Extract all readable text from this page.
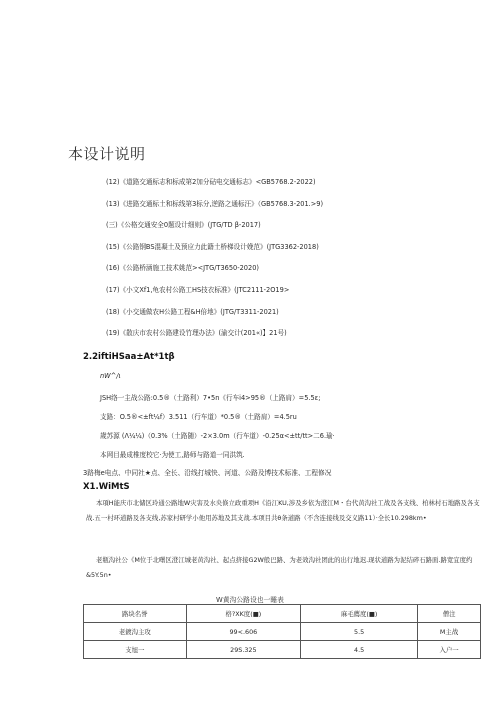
本设计说明
(12)《道路交通标志和标成第2加分砧电交通标志》<GB5768.2-2022)
(13)《进路交通标土和标线第3标分,逆路之通标汪》（GB5768.3-201.>9)
(三)《公格交通安全0题设计细则》(JTG/TD β-2017)
(15)《公路钢BS混凝土及预应力此籍土桥梯设计娩范》(JTG3362-2018)
(16)《公路桥涵施工技术姚范><JTG/T3650-2020)
(17)《小文Xf1,龟农村公路工HS技衣标准》(JTC2111-2O19>
(18)《小交通做农H公路工程&H倍地》(JTG/T3311-2021)
(19)《散庆市农村公路建设竹理办法》(渝交计(201«)】21号)
2.2iftiHSaa±At*1tβ
nW^/ι
JSH络一主战公路:0.5®（土路利）7•5n《行车i4>95®（上路肩）=5.5ε;
支路：O.5®<±ft¼f）3.511（行车道）*0.5®（土路肩）=4.5ru
歲苏源 (Λ¼¼)（0.3%（土路随）-2×3.0m（行车道）-0.25α<±tt/tt>二6.瑜·
本网目最成椎度校它·为使工,路师与路道一同洪筑.
3路梅e电点、中同社★点、全长、沿线打城快、河道、公路及博技术标准、工程修况
X1.WiMtS
本項H能庆市北储区玲通公路地W灾害及水央倏立政重项H《沿江KU,涉及乡依为澄江M・台代黄沟社工战及各支线、柏林村石地路及各支战.五一村环道路及各支线,苏家村研学小他用苏地及其支战.本项目共θ条道路（不含连接线及交义路11）·全长10.298km•
老瓶沟社公《M位于北曙区澄江城老黄沟社、起点挤接G2W般巴路、为老效沟社团此的出行地迟.现状道路为泥结碎石路面.路宽宜度约&5Y.5n•
W黄沟公路设也一睡表
路块名誉	格?XK度(■)	麻毛薦度(■)	僧注
老鍍沟主攻	99<.606	5.5	M主战
支旭一	29S.325	4.5	入户一
